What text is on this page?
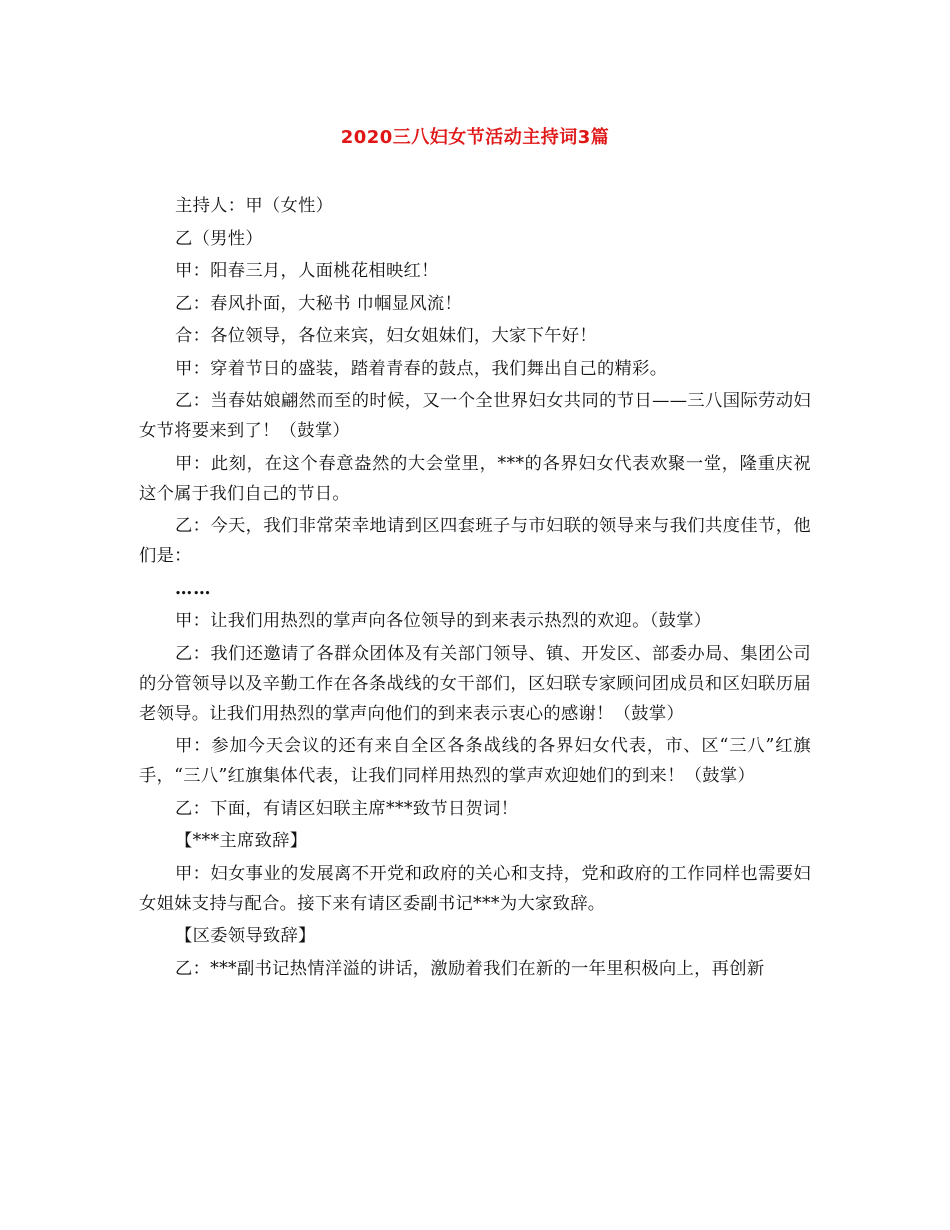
2020三八妇女节活动主持词3篇

主持人：甲（女性）

乙（男性）

甲：阳春三月，人面桃花相映红！

乙：春风扑面，大秘书 巾帼显风流！

合：各位领导，各位来宾，妇女姐妹们，大家下午好！

甲：穿着节日的盛装，踏着青春的鼓点，我们舞出自己的精彩。

乙：当春姑娘翩然而至的时候，又一个全世界妇女共同的节日——三八国际劳动妇女节将要来到了！（鼓掌）

甲：此刻，在这个春意盎然的大会堂里，***的各界妇女代表欢聚一堂，隆重庆祝这个属于我们自己的节日。

乙：今天，我们非常荣幸地请到区四套班子与市妇联的领导来与我们共度佳节，他们是：

……

甲：让我们用热烈的掌声向各位领导的到来表示热烈的欢迎。（鼓掌）

乙：我们还邀请了各群众团体及有关部门领导、镇、开发区、部委办局、集团公司的分管领导以及辛勤工作在各条战线的女干部们，区妇联专家顾问团成员和区妇联历届老领导。让我们用热烈的掌声向他们的到来表示衷心的感谢！（鼓掌）

甲：参加今天会议的还有来自全区各条战线的各界妇女代表，市、区“三八”红旗手，“三八”红旗集体代表，让我们同样用热烈的掌声欢迎她们的到来！（鼓掌）

乙：下面，有请区妇联主席***致节日贺词！

【***主席致辞】

甲：妇女事业的发展离不开党和政府的关心和支持，党和政府的工作同样也需要妇女姐妹支持与配合。接下来有请区委副书记***为大家致辞。

【区委领导致辞】

乙：***副书记热情洋溢的讲话，激励着我们在新的一年里积极向上，再创新
